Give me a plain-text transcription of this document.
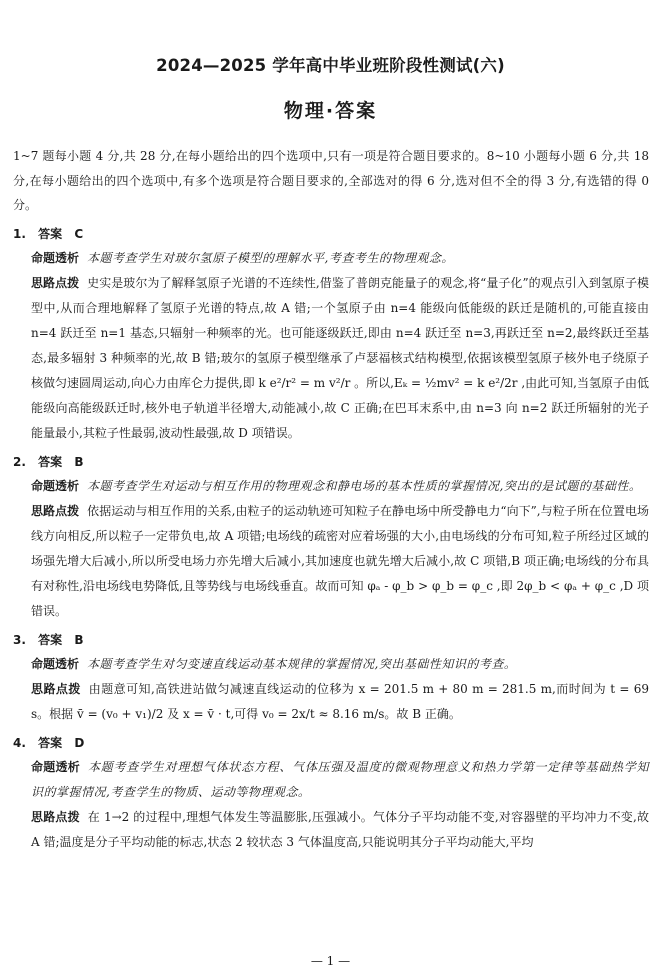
2024—2025 学年高中毕业班阶段性测试(六)
物理·答案

1~7 题每小题 4 分,共 28 分,在每小题给出的四个选项中,只有一项是符合题目要求的。8~10 小题每小题 6 分,共 18 分,在每小题给出的四个选项中,有多个选项是符合题目要求的,全部选对的得 6 分,选对但不全的得 3 分,有选错的得 0 分。

1. 答案 C

命题透析 本题考查学生对玻尔氢原子模型的理解水平,考查考生的物理观念。

思路点拨 史实是玻尔为了解释氢原子光谱的不连续性,借鉴了普朗克能量子的观念,将“量子化”的观点引入到氢原子模型中,从而合理地解释了氢原子光谱的特点,故 A 错;一个氢原子由 n=4 能级向低能级的跃迁是随机的,可能直接由 n=4 跃迁至 n=1 基态,只辐射一种频率的光。也可能逐级跃迁,即由 n=4 跃迁至 n=3,再跃迁至 n=2,最终跃迁至基态,最多辐射 3 种频率的光,故 B 错;玻尔的氢原子模型继承了卢瑟福核式结构模型,依据该模型氢原子核外电子绕原子核做匀速圆周运动,向心力由库仑力提供,即 k e²/r² = m v²/r 。所以,Eₖ = ½mv² = k e²/2r ,由此可知,当氢原子由低能级向高能级跃迁时,核外电子轨道半径增大,动能减小,故 C 正确;在巴耳末系中,由 n=3 向 n=2 跃迁所辐射的光子能量最小,其粒子性最弱,波动性最强,故 D 项错误。

2. 答案 B

命题透析 本题考查学生对运动与相互作用的物理观念和静电场的基本性质的掌握情况,突出的是试题的基础性。

思路点拨 依据运动与相互作用的关系,由粒子的运动轨迹可知粒子在静电场中所受静电力“向下”,与粒子所在位置电场线方向相反,所以粒子一定带负电,故 A 项错;电场线的疏密对应着场强的大小,由电场线的分布可知,粒子所经过区域的场强先增大后减小,所以所受电场力亦先增大后减小,其加速度也就先增大后减小,故 C 项错,B 项正确;电场线的分布具有对称性,沿电场线电势降低,且等势线与电场线垂直。故而可知 φₐ - φ_b > φ_b = φ_c ,即 2φ_b < φₐ + φ_c ,D 项错误。

3. 答案 B

命题透析 本题考查学生对匀变速直线运动基本规律的掌握情况,突出基础性知识的考查。

思路点拨 由题意可知,高铁进站做匀减速直线运动的位移为 x = 201.5 m + 80 m = 281.5 m,而时间为 t = 69 s。根据 v̄ = (v₀ + v₁)/2 及 x = v̄ · t,可得 v₀ = 2x/t ≈ 8.16 m/s。故 B 正确。

4. 答案 D

命题透析 本题考查学生对理想气体状态方程、气体压强及温度的微观物理意义和热力学第一定律等基础热学知识的掌握情况,考查学生的物质、运动等物理观念。

思路点拨 在 1→2 的过程中,理想气体发生等温膨胀,压强减小。气体分子平均动能不变,对容器壁的平均冲力不变,故 A 错;温度是分子平均动能的标志,状态 2 较状态 3 气体温度高,只能说明其分子平均动能大,平均

— 1 —
